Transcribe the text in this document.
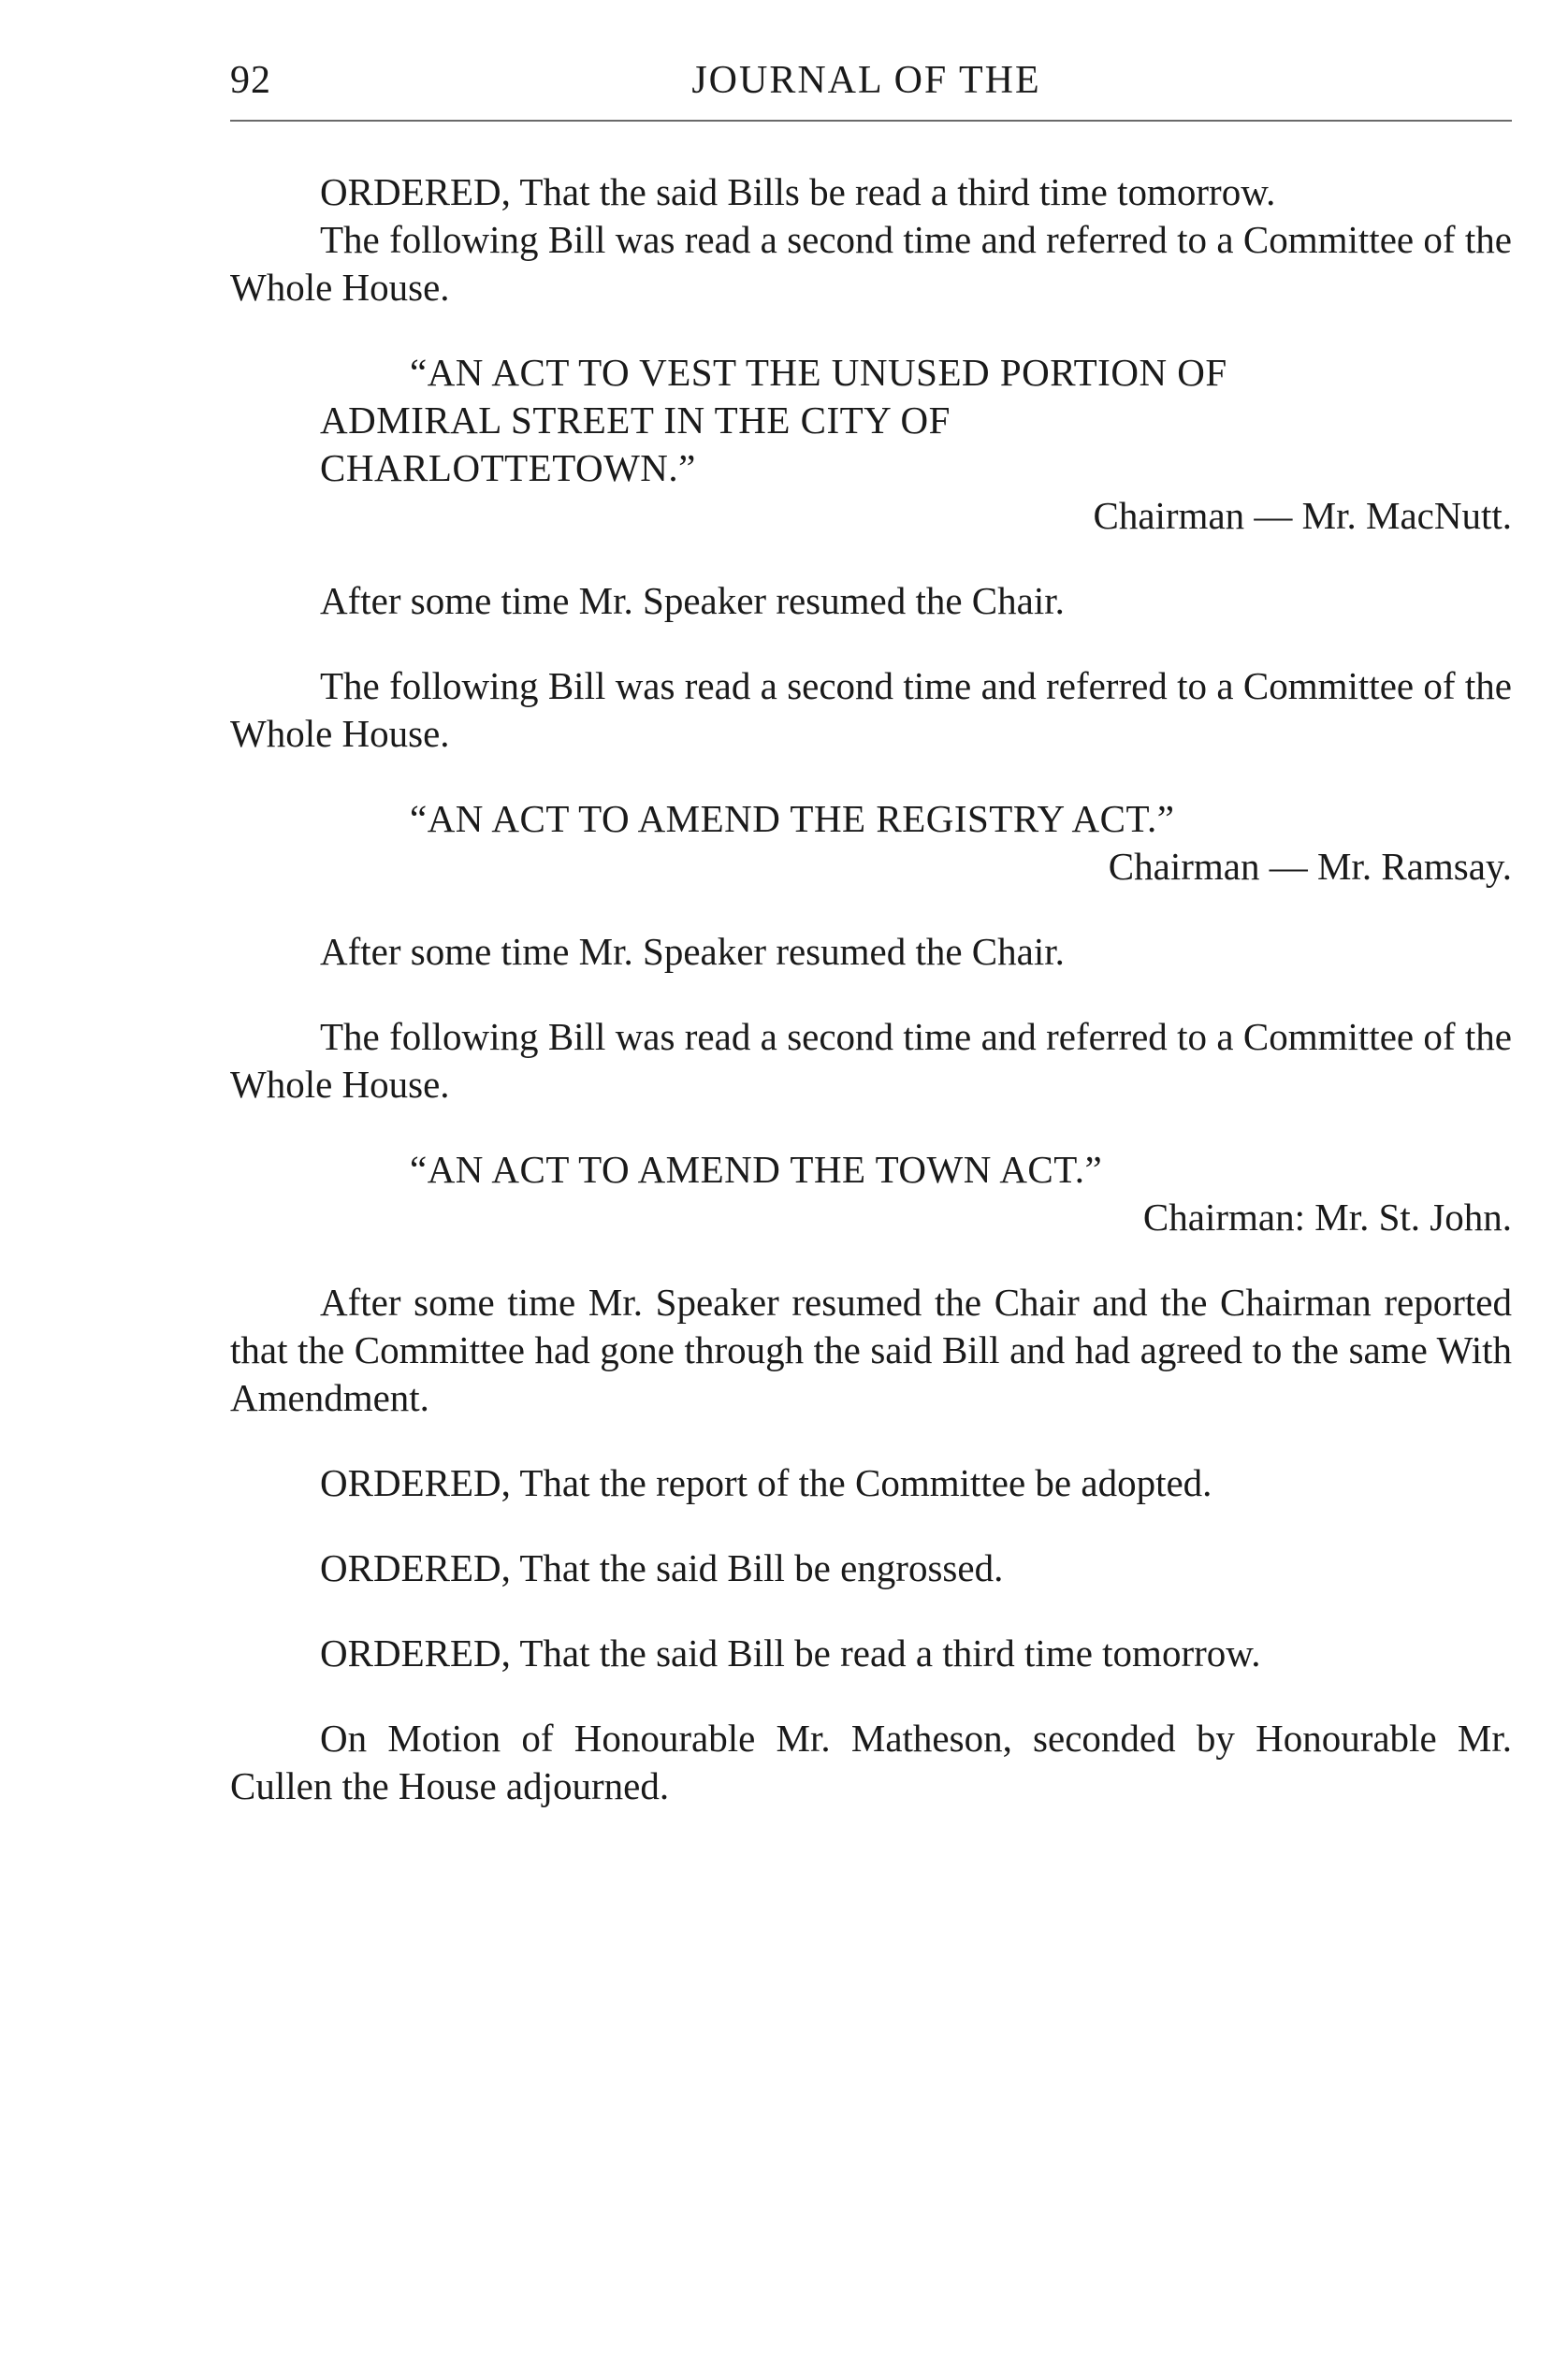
92	JOURNAL OF THE

ORDERED, That the said Bills be read a third time tomorrow.

The following Bill was read a second time and referred to a Committee of the Whole House.

“AN ACT TO VEST THE UNUSED PORTION OF ADMIRAL STREET IN THE CITY OF CHARLOTTETOWN.”

Chairman — Mr. MacNutt.

After some time Mr. Speaker resumed the Chair.

The following Bill was read a second time and referred to a Committee of the Whole House.

“AN ACT TO AMEND THE REGISTRY ACT.”

Chairman — Mr. Ramsay.

After some time Mr. Speaker resumed the Chair.

The following Bill was read a second time and referred to a Committee of the Whole House.

“AN ACT TO AMEND THE TOWN ACT.”

Chairman: Mr. St. John.

After some time Mr. Speaker resumed the Chair and the Chairman reported that the Committee had gone through the said Bill and had agreed to the same With Amendment.

ORDERED, That the report of the Committee be adopted.

ORDERED, That the said Bill be engrossed.

ORDERED, That the said Bill be read a third time tomorrow.

On Motion of Honourable Mr. Matheson, seconded by Honourable Mr. Cullen the House adjourned.
